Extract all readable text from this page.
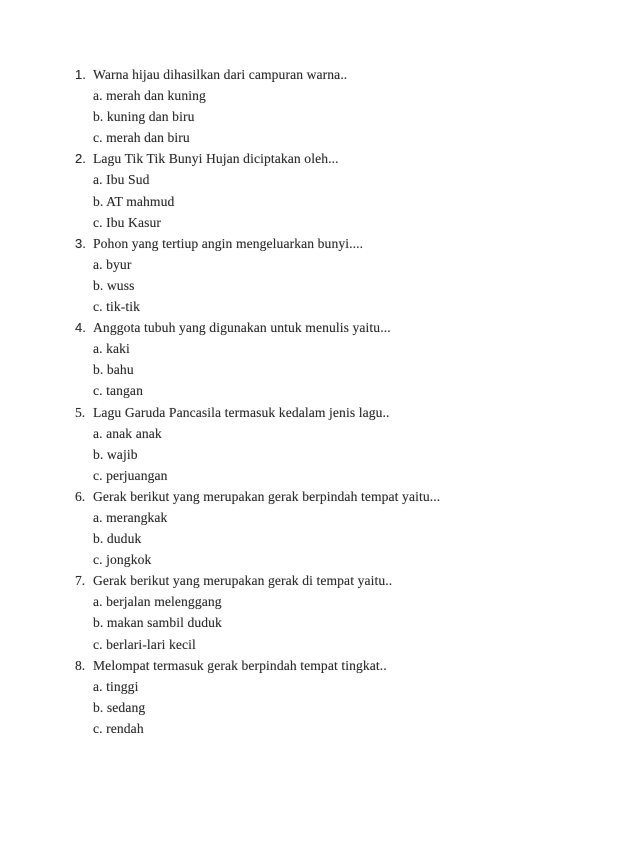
1. Warna hijau dihasilkan dari campuran warna..
a. merah dan kuning
b. kuning dan biru
c. merah dan biru
2. Lagu Tik Tik Bunyi Hujan diciptakan oleh...
a. Ibu Sud
b. AT mahmud
c. Ibu Kasur
3. Pohon yang tertiup angin mengeluarkan bunyi....
a. byur
b. wuss
c. tik-tik
4. Anggota tubuh yang digunakan untuk menulis yaitu...
a. kaki
b. bahu
c. tangan
5. Lagu Garuda Pancasila termasuk kedalam jenis lagu..
a. anak anak
b. wajib
c. perjuangan
6. Gerak berikut yang merupakan gerak berpindah tempat yaitu...
a. merangkak
b. duduk
c. jongkok
7. Gerak berikut yang merupakan gerak di tempat yaitu..
a. berjalan melenggang
b. makan sambil duduk
c. berlari-lari kecil
8. Melompat termasuk gerak berpindah tempat tingkat..
a. tinggi
b. sedang
c. rendah
